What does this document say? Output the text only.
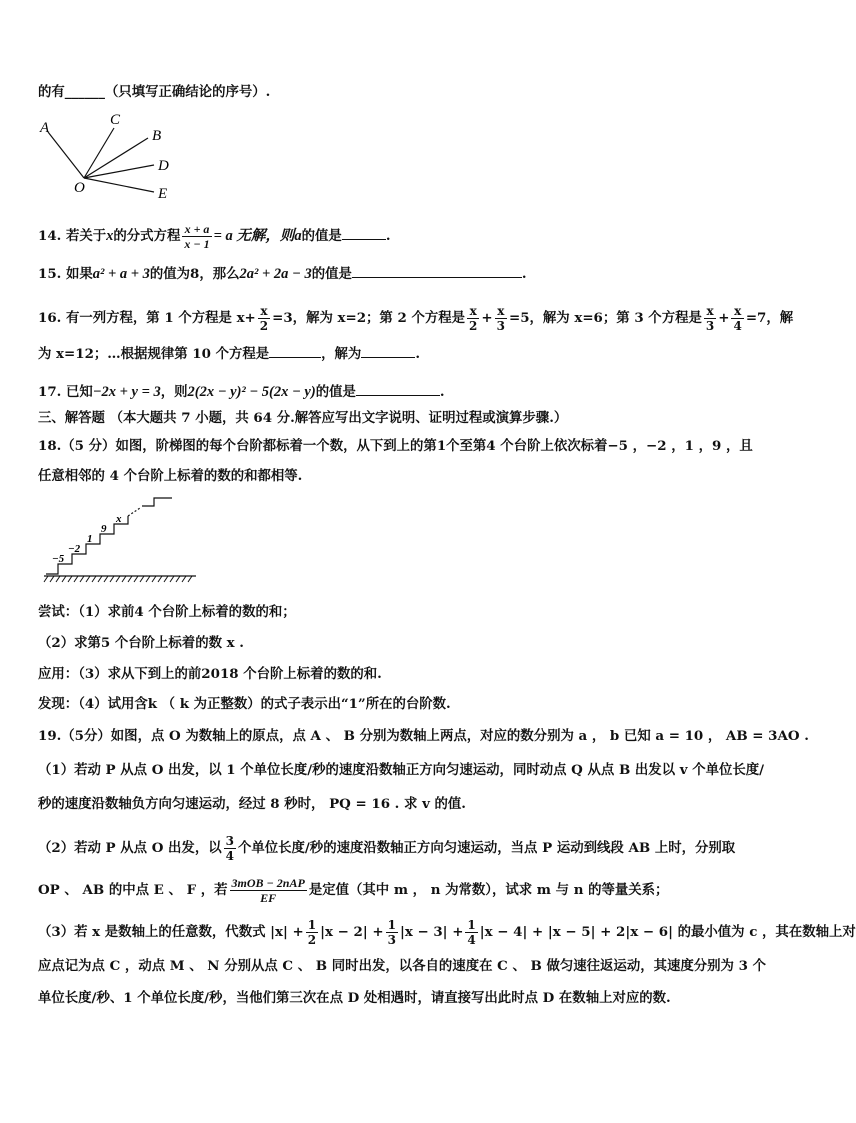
的有______（只填写正确结论的序号）.
A	C
B
D
O	E
14. 若关于x的分式方程 $\frac{x + a}{x - 1} = a$ 无解，则a的值是	.
15. 如果a² + a + 3的值为8，那么2a² + 2a − 3的值是	.
16. 有一列方程，第 1 个方程是 $x+ \frac{x}{2} =3$，解为 x=2；第 2 个方程是 $\frac{x}{2} + \frac{x}{3} =5$，解为 x=6；第 3 个方程是 $\frac{x}{3} + \frac{x}{4} =7$，解
为 x=12；…根据规律第 10 个方程是	，解为	.
17. 已知−2x + y = 3，则2(2x − y)² − 5(2x − y)的值是	.
三、解答题 （本大题共 7 小题，共 64 分.解答应写出文字说明、证明过程或演算步骤.）
18.（5 分）如图，阶梯图的每个台阶都标着一个数，从下到上的第1个至第4 个台阶上依次标着−5 ，−2 ，1 ，9 ，且
任意相邻的 4 个台阶上标着的数的和都相等.
−5
−2
1
9
x
尝试：（1）求前4 个台阶上标着的数的和；
（2）求第5 个台阶上标着的数 x .
应用：（3）求从下到上的前2018 个台阶上标着的数的和.
发现：（4）试用含k （ k 为正整数）的式子表示出“1”所在的台阶数.
19.（5分）如图，点 O 为数轴上的原点，点 A 、 B 分别为数轴上两点，对应的数分别为 a ， b 已知 a = 10 ， AB = 3AO .
（1）若动 P 从点 O 出发，以 1 个单位长度/秒的速度沿数轴正方向匀速运动，同时动点 Q 从点 B 出发以 v 个单位长度/
秒的速度沿数轴负方向匀速运动，经过 8 秒时， PQ = 16 . 求 v 的值.
（2）若动 P 从点 O 出发，以 $\frac{3}{4}$ 个单位长度/秒的速度沿数轴正方向匀速运动，当点 P 运动到线段 AB 上时，分别取
OP 、 AB 的中点 E 、 F ，若 $\frac{\text{3mOB − 2nAP}}{EF}$ 是定值（其中 m ， n 为常数），试求 m 与 n 的等量关系；
（3）若 x 是数轴上的任意数，代数式 $|x| + \frac{1}{2} |x - 2| + \frac{1}{3} |x - 3| + \frac{1}{4} |x - 4| + |x - 5| + 2|x - 6|$ 的最小值为 c ，其在数轴上对
应点记为点 C ，动点 M 、 N 分别从点 C 、 B 同时出发，以各自的速度在 C 、 B 做匀速往返运动，其速度分别为 3 个
单位长度/秒、1 个单位长度/秒，当他们第三次在点 D 处相遇时，请直接写出此时点 D 在数轴上对应的数.
